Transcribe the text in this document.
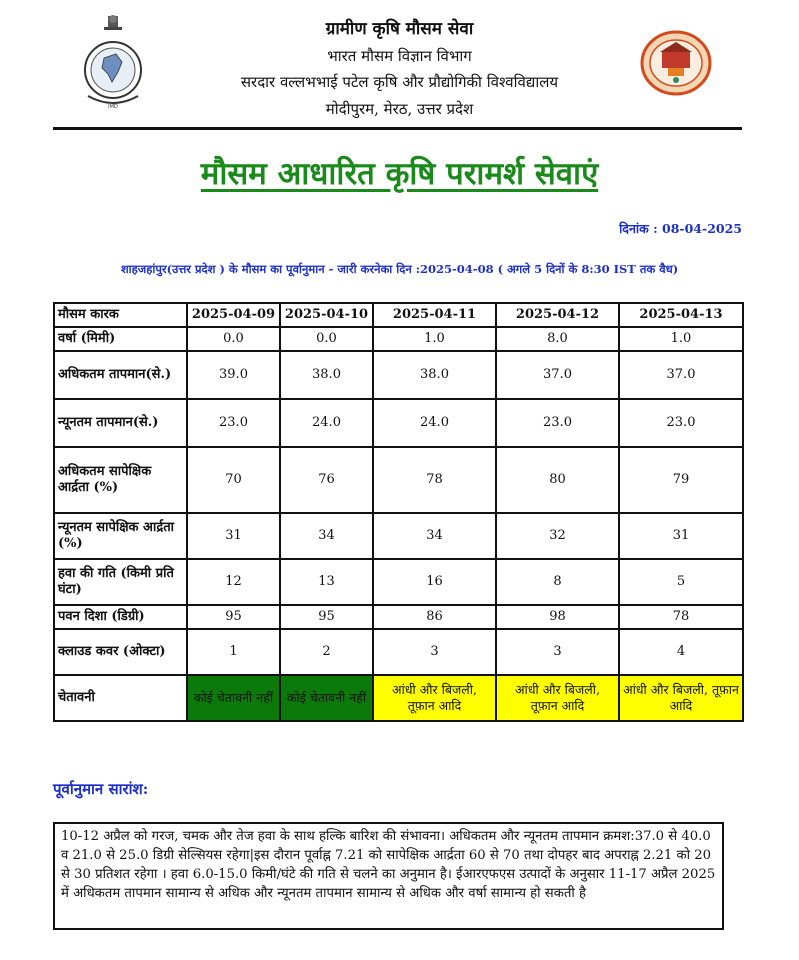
IMD
ग्रामीण कृषि मौसम सेवा
भारत मौसम विज्ञान विभाग
सरदार वल्लभभाई पटेल कृषि और प्रौद्योगिकी विश्वविद्यालय
मोदीपुरम, मेरठ, उत्तर प्रदेश
मौसम आधारित कृषि परामर्श सेवाएं
दिनांक : 08-04-2025
शाहजहांपुर(उत्तर प्रदेश ) के मौसम का पूर्वानुमान - जारी करनेका दिन :2025-04-08 ( अगले 5 दिनों के 8:30 IST तक वैध)
मौसम कारक	2025-04-09	2025-04-10	2025-04-11	2025-04-12	2025-04-13
वर्षा (मिमी)	0.0	0.0	1.0	8.0	1.0
अधिकतम तापमान(से.)	39.0	38.0	38.0	37.0	37.0
न्यूनतम तापमान(से.)	23.0	24.0	24.0	23.0	23.0
अधिकतम सापेक्षिक आर्द्रता (%)	70	76	78	80	79
न्यूनतम सापेक्षिक आर्द्रता (%)	31	34	34	32	31
हवा की गति (किमी प्रति घंटा)	12	13	16	8	5
पवन दिशा (डिग्री)	95	95	86	98	78
क्लाउड कवर (ओक्टा)	1	2	3	3	4
चेतावनी	कोई चेतावनी नहीं	कोई चेतावनी नहीं	आंधी और बिजली, तूफ़ान आदि	आंधी और बिजली, तूफ़ान आदि	आंधी और बिजली, तूफ़ान आदि
पूर्वानुमान सारांश:
10-12 अप्रैल को गरज, चमक और तेज हवा के साथ हल्कि बारिश की संभावना। अधिकतम और न्यूनतम तापमान क्रमश:37.0 से 40.0 व 21.0 से 25.0 डिग्री सेल्सियस रहेगा|इस दौरान पूर्वाह्न 7.21 को सापेक्षिक आर्द्रता 60 से 70 तथा दोपहर बाद अपराह्न 2.21 को 20 से 30 प्रतिशत रहेगा । हवा 6.0-15.0 किमी/घंटे की गति से चलने का अनुमान है। ईआरएफएस उत्पादों के अनुसार 11-17 अप्रैल 2025 में अधिकतम तापमान सामान्य से अधिक और न्यूनतम तापमान सामान्य से अधिक और वर्षा सामान्य हो सकती है
